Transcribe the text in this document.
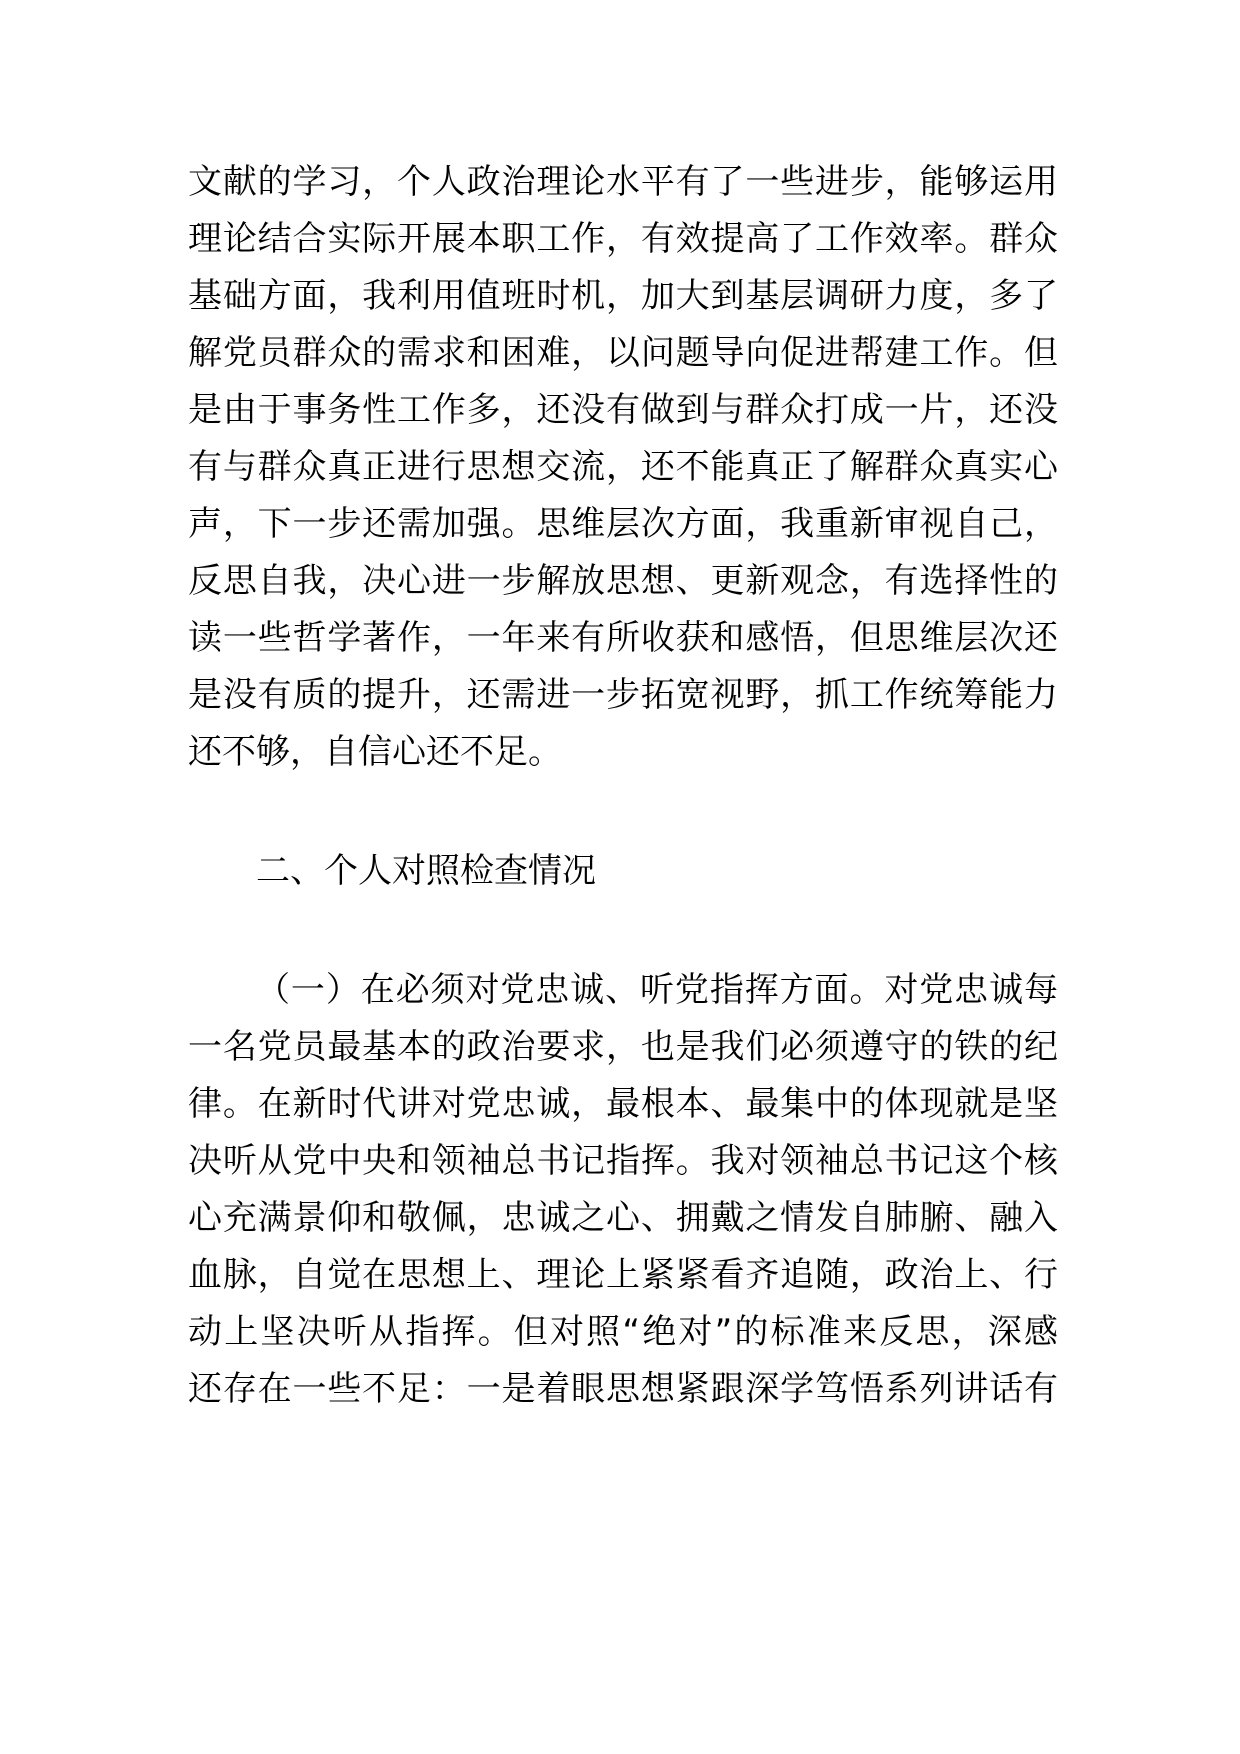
文献的学习，个人政治理论水平有了一些进步，能够运用
理论结合实际开展本职工作，有效提高了工作效率。群众
基础方面，我利用值班时机，加大到基层调研力度，多了
解党员群众的需求和困难，以问题导向促进帮建工作。但
是由于事务性工作多，还没有做到与群众打成一片，还没
有与群众真正进行思想交流，还不能真正了解群众真实心
声，下一步还需加强。思维层次方面，我重新审视自己，
反思自我，决心进一步解放思想、更新观念，有选择性的
读一些哲学著作，一年来有所收获和感悟，但思维层次还
是没有质的提升，还需进一步拓宽视野，抓工作统筹能力
还不够，自信心还不足。
二、个人对照检查情况
（一）在必须对党忠诚、听党指挥方面。对党忠诚每
一名党员最基本的政治要求，也是我们必须遵守的铁的纪
律。在新时代讲对党忠诚，最根本、最集中的体现就是坚
决听从党中央和领袖总书记指挥。我对领袖总书记这个核
心充满景仰和敬佩，忠诚之心、拥戴之情发自肺腑、融入
血脉，自觉在思想上、理论上紧紧看齐追随，政治上、行
动上坚决听从指挥。但对照“绝对”的标准来反思，深感
还存在一些不足：一是着眼思想紧跟深学笃悟系列讲话有
